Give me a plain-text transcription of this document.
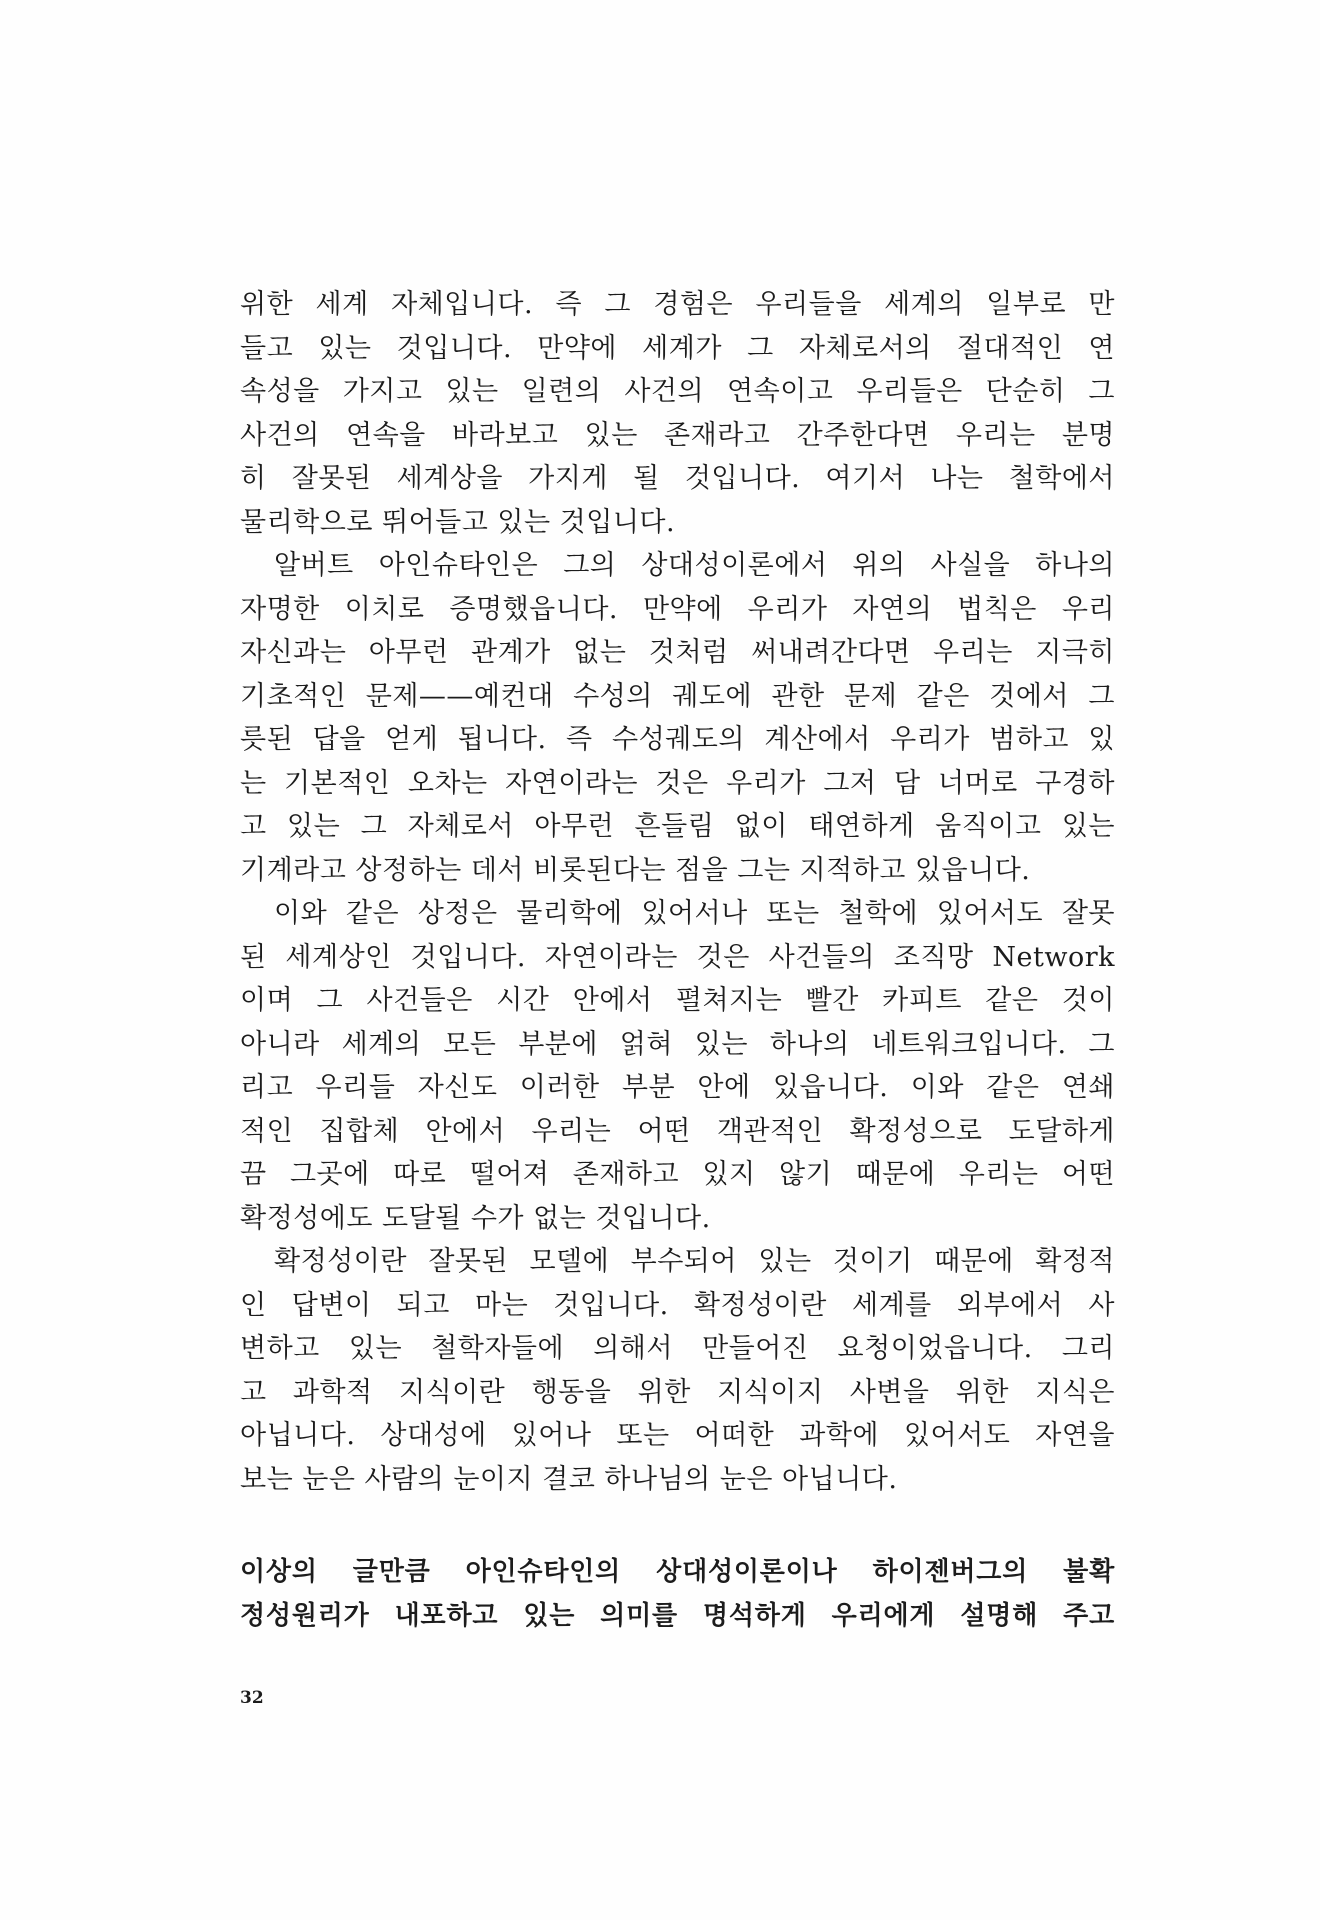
위한 세계 자체입니다. 즉 그 경험은 우리들을 세계의 일부로 만
들고 있는 것입니다. 만약에 세계가 그 자체로서의 절대적인 연
속성을 가지고 있는 일련의 사건의 연속이고 우리들은 단순히 그
사건의 연속을 바라보고 있는 존재라고 간주한다면 우리는 분명
히 잘못된 세계상을 가지게 될 것입니다. 여기서 나는 철학에서
물리학으로 뛰어들고 있는 것입니다.
알버트 아인슈타인은 그의 상대성이론에서 위의 사실을 하나의
자명한 이치로 증명했읍니다. 만약에 우리가 자연의 법칙은 우리
자신과는 아무런 관계가 없는 것처럼 써내려간다면 우리는 지극히
기초적인 문제——예컨대 수성의 궤도에 관한 문제 같은 것에서 그
릇된 답을 얻게 됩니다. 즉 수성궤도의 계산에서 우리가 범하고 있
는 기본적인 오차는 자연이라는 것은 우리가 그저 담 너머로 구경하
고 있는 그 자체로서 아무런 흔들림 없이 태연하게 움직이고 있는
기계라고 상정하는 데서 비롯된다는 점을 그는 지적하고 있읍니다.
이와 같은 상정은 물리학에 있어서나 또는 철학에 있어서도 잘못
된 세계상인 것입니다. 자연이라는 것은 사건들의 조직망 Network
이며 그 사건들은 시간 안에서 펼쳐지는 빨간 카피트 같은 것이
아니라 세계의 모든 부분에 얽혀 있는 하나의 네트워크입니다. 그
리고 우리들 자신도 이러한 부분 안에 있읍니다. 이와 같은 연쇄
적인 집합체 안에서 우리는 어떤 객관적인 확정성으로 도달하게
끔 그곳에 따로 떨어져 존재하고 있지 않기 때문에 우리는 어떤
확정성에도 도달될 수가 없는 것입니다.
확정성이란 잘못된 모델에 부수되어 있는 것이기 때문에 확정적
인 답변이 되고 마는 것입니다. 확정성이란 세계를 외부에서 사
변하고 있는 철학자들에 의해서 만들어진 요청이었읍니다. 그리
고 과학적 지식이란 행동을 위한 지식이지 사변을 위한 지식은
아닙니다. 상대성에 있어나 또는 어떠한 과학에 있어서도 자연을
보는 눈은 사람의 눈이지 결코 하나님의 눈은 아닙니다.
이상의 글만큼 아인슈타인의 상대성이론이나 하이젠버그의 불확
정성원리가 내포하고 있는 의미를 명석하게 우리에게 설명해 주고
32
